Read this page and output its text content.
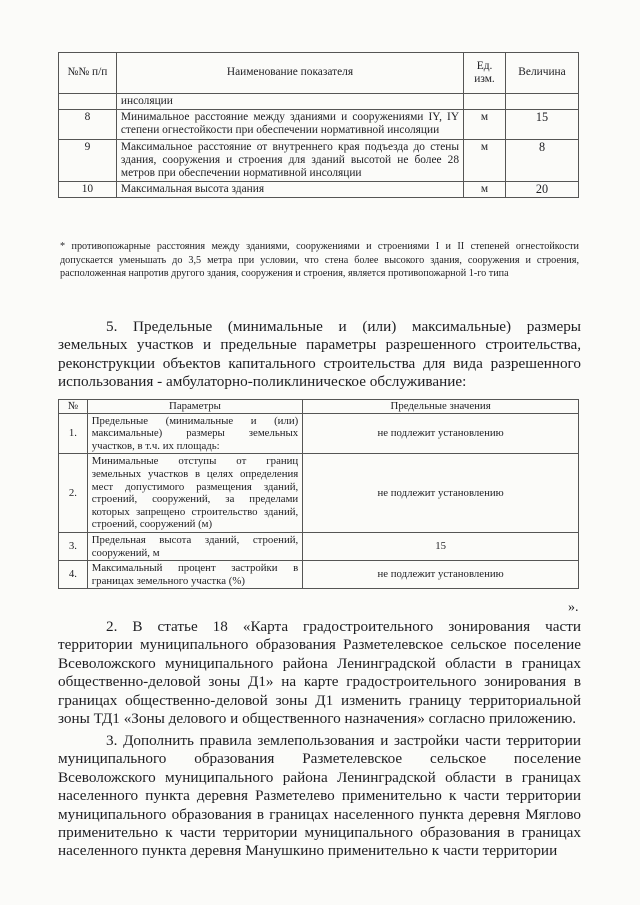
№№ п/п	Наименование показателя	Ед. изм.	Величина
	инсоляции		
8	Минимальное расстояние между зданиями и сооружениями IY, IY степени огнестойкости при обеспечении нормативной инсоляции	м	15
9	Максимальное расстояние от внутреннего края подъезда до стены здания, сооружения и строения для зданий высотой не более 28 метров при обеспечении нормативной инсоляции	м	8
10	Максимальная высота здания	м	20
* противопожарные расстояния между зданиями, сооружениями и строениями I и II степеней огнестойкости допускается уменьшать до 3,5 метра при условии, что стена более высокого здания, сооружения и строения, расположенная напротив другого здания, сооружения и строения, является противопожарной 1-го типа
5. Предельные (минимальные и (или) максимальные) размеры земельных участков и предельные параметры разрешенного строительства, реконструкции объектов капитального строительства для вида разрешенного использования - амбулаторно-поликлиническое обслуживание:
№	Параметры	Предельные значения
1.	Предельные (минимальные и (или) максимальные) размеры земельных участков, в т.ч. их площадь:	не подлежит установлению
2.	Минимальные отступы от границ земельных участков в целях определения мест допустимого размещения зданий, строений, сооружений, за пределами которых запрещено строительство зданий, строений, сооружений (м)	не подлежит установлению
3.	Предельная высота зданий, строений, сооружений, м	15
4.	Максимальный процент застройки в границах земельного участка (%)	не подлежит установлению
».
2. В статье 18 «Карта градостроительного зонирования части территории муниципального образования Разметелевское сельское поселение Всеволожского муниципального района Ленинградской области в границах общественно-деловой зоны Д1» на карте градостроительного зонирования в границах общественно-деловой зоны Д1 изменить границу территориальной зоны ТД1 «Зоны делового и общественного назначения» согласно приложению.
3. Дополнить правила землепользования и застройки части территории муниципального образования Разметелевское сельское поселение Всеволожского муниципального района Ленинградской области в границах населенного пункта деревня Разметелево применительно к части территории муниципального образования в границах населенного пункта деревня Мяглово применительно к части территории муниципального образования в границах населенного пункта деревня Манушкино применительно к части территории
